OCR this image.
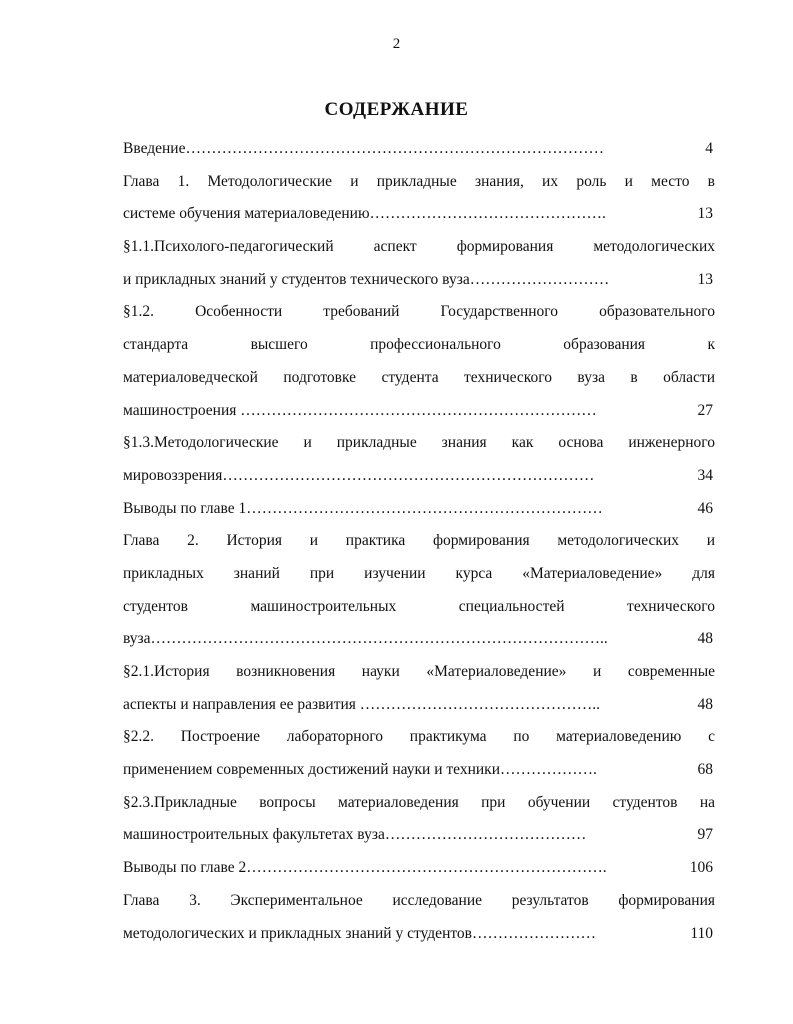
2
СОДЕРЖАНИЕ
Введение………………………………………………………………………	4
Глава 1. Методологические и прикладные знания, их роль и место в
системе обучения материаловедению……………………………………….	13
§1.1.Психолого-педагогический аспект формирования методологических
и прикладных знаний у студентов технического вуза………………………	13
§1.2. Особенности требований Государственного образовательного
стандарта высшего профессионального образования к
материаловедческой подготовке студента технического вуза в области
машиностроения ……………………………………………………………	27
§1.3.Методологические и прикладные знания как основа инженерного
мировоззрения………………………………………………………………	34
Выводы по главе 1……………………………………………………………	46
Глава 2. История и практика формирования методологических и
прикладных знаний при изучении курса «Материаловедение» для
студентов машиностроительных специальностей технического
вуза……………………………………………………………………………..	48
§2.1.История возникновения науки «Материаловедение» и современные
аспекты и направления ее развития ………………………………………..	48
§2.2. Построение лабораторного практикума по материаловедению с
применением современных достижений науки и техники……………….	68
§2.3.Прикладные вопросы материаловедения при обучении студентов на
машиностроительных факультетах вуза…………………………………	97
Выводы по главе 2…………………………………………………………….	106
Глава 3. Экспериментальное исследование результатов формирования
методологических и прикладных знаний у студентов……………………	110
